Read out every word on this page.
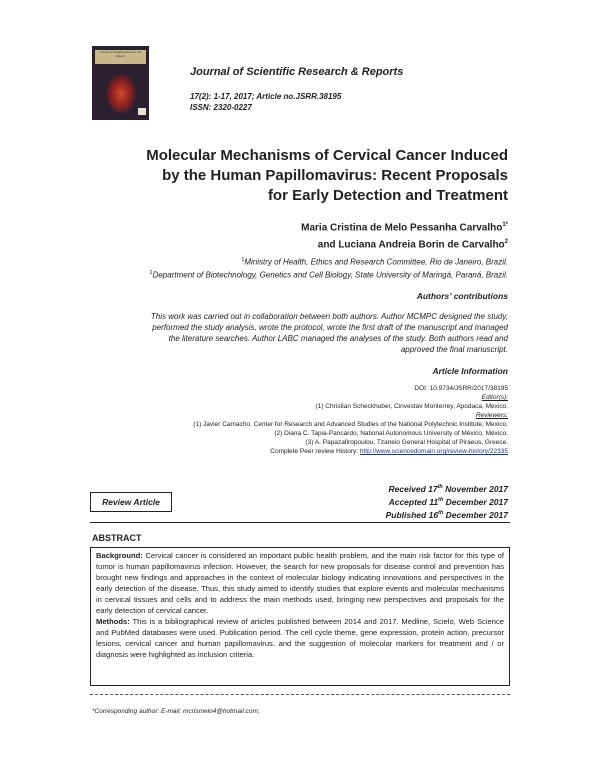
Journal of Scientific Research and Reports
Journal of Scientific Research & Reports
17(2): 1-17, 2017; Article no.JSRR.38195
ISSN: 2320-0227
Molecular Mechanisms of Cervical Cancer Induced
by the Human Papillomavirus: Recent Proposals
for Early Detection and Treatment
Maria Cristina de Melo Pessanha Carvalho$^{1*}$
and Luciana Andreia Borin de Carvalho$^2$
$^1$Ministry of Health, Ethics and Research Committee, Rio de Janeiro, Brazil.
$^2$Department of Biotechnology, Genetics and Cell Biology, State University of Maringá, Paraná, Brazil.
Authors’ contributions
This work was carried out in collaboration between both authors. Author MCMPC designed the study,
performed the study analysis, wrote the protocol, wrote the first draft of the manuscript and managed
the literature searches. Author LABC managed the analyses of the study. Both authors read and
approved the final manuscript.
Article Information
DOI: 10.9734/JSRR/2017/38195
Editor(s):
(1) Christian Scheckhuber, Cinvestav Monterrey, Apodaca, Mexico.
Reviewers:
(1) Javier Camacho, Center for Research and Advanced Studies of the National Polytechnic Institute, Mexico.
(2) Diana C. Tapia-Pancardo, National Autonomous University of México, México.
(3) A. Papazafiropoulou, Tzaneio General Hospital of Piraeus, Greece.
Complete Peer review History: http://www.sciencedomain.org/review-history/22335
Review Article
Received 17th November 2017
Accepted 11th December 2017
Published 16th December 2017
ABSTRACT
Background: Cervical cancer is considered an important public health problem, and the main risk factor for this type of tumor is human papillomavirus infection. However, the search for new proposals for disease control and prevention has brought new findings and approaches in the context of molecular biology indicating innovations and perspectives in the early detection of the disease. Thus, this study aimed to identify studies that explore events and molecular mechanisms in cervical tissues and cells and to address the main methods used, bringing new perspectives and proposals for the early detection of cervical cancer.
Methods: This is a bibliographical review of articles published between 2014 and 2017. Medline, Scielo, Web Science and PubMed databases were used. Publication period. The cell cycle theme, gene expression, protein action, precursor lesions, cervical cancer and human papillomavirus, and the suggestion of molecular markers for treatment and / or diagnosis were highlighted as inclusion criteria.
*Corresponding author: E-mail: mcrismelo4@hotmail.com;
